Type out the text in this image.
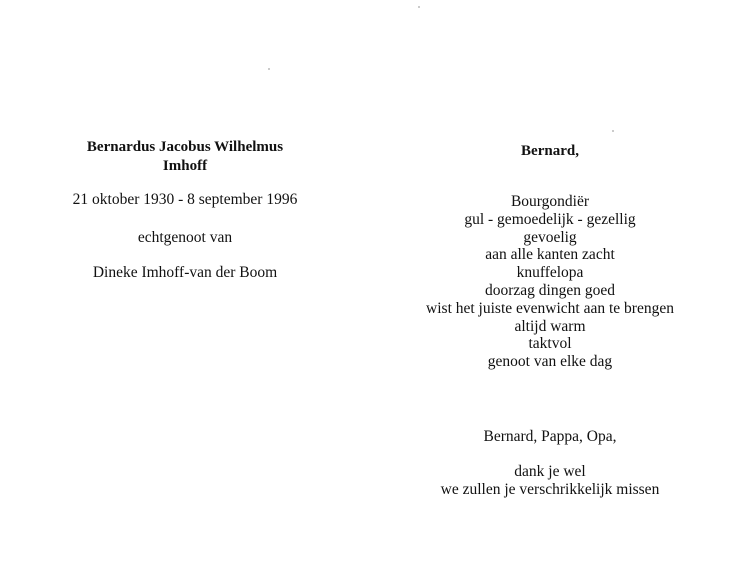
Bernardus Jacobus Wilhelmus
Imhoff
21 oktober 1930 - 8 september 1996
echtgenoot van
Dineke Imhoff-van der Boom
Bernard,
Bourgondiër
gul - gemoedelijk - gezellig
gevoelig
aan alle kanten zacht
knuffelopa
doorzag dingen goed
wist het juiste evenwicht aan te brengen
altijd warm
taktvol
genoot van elke dag
Bernard, Pappa, Opa,
dank je wel
we zullen je verschrikkelijk missen
